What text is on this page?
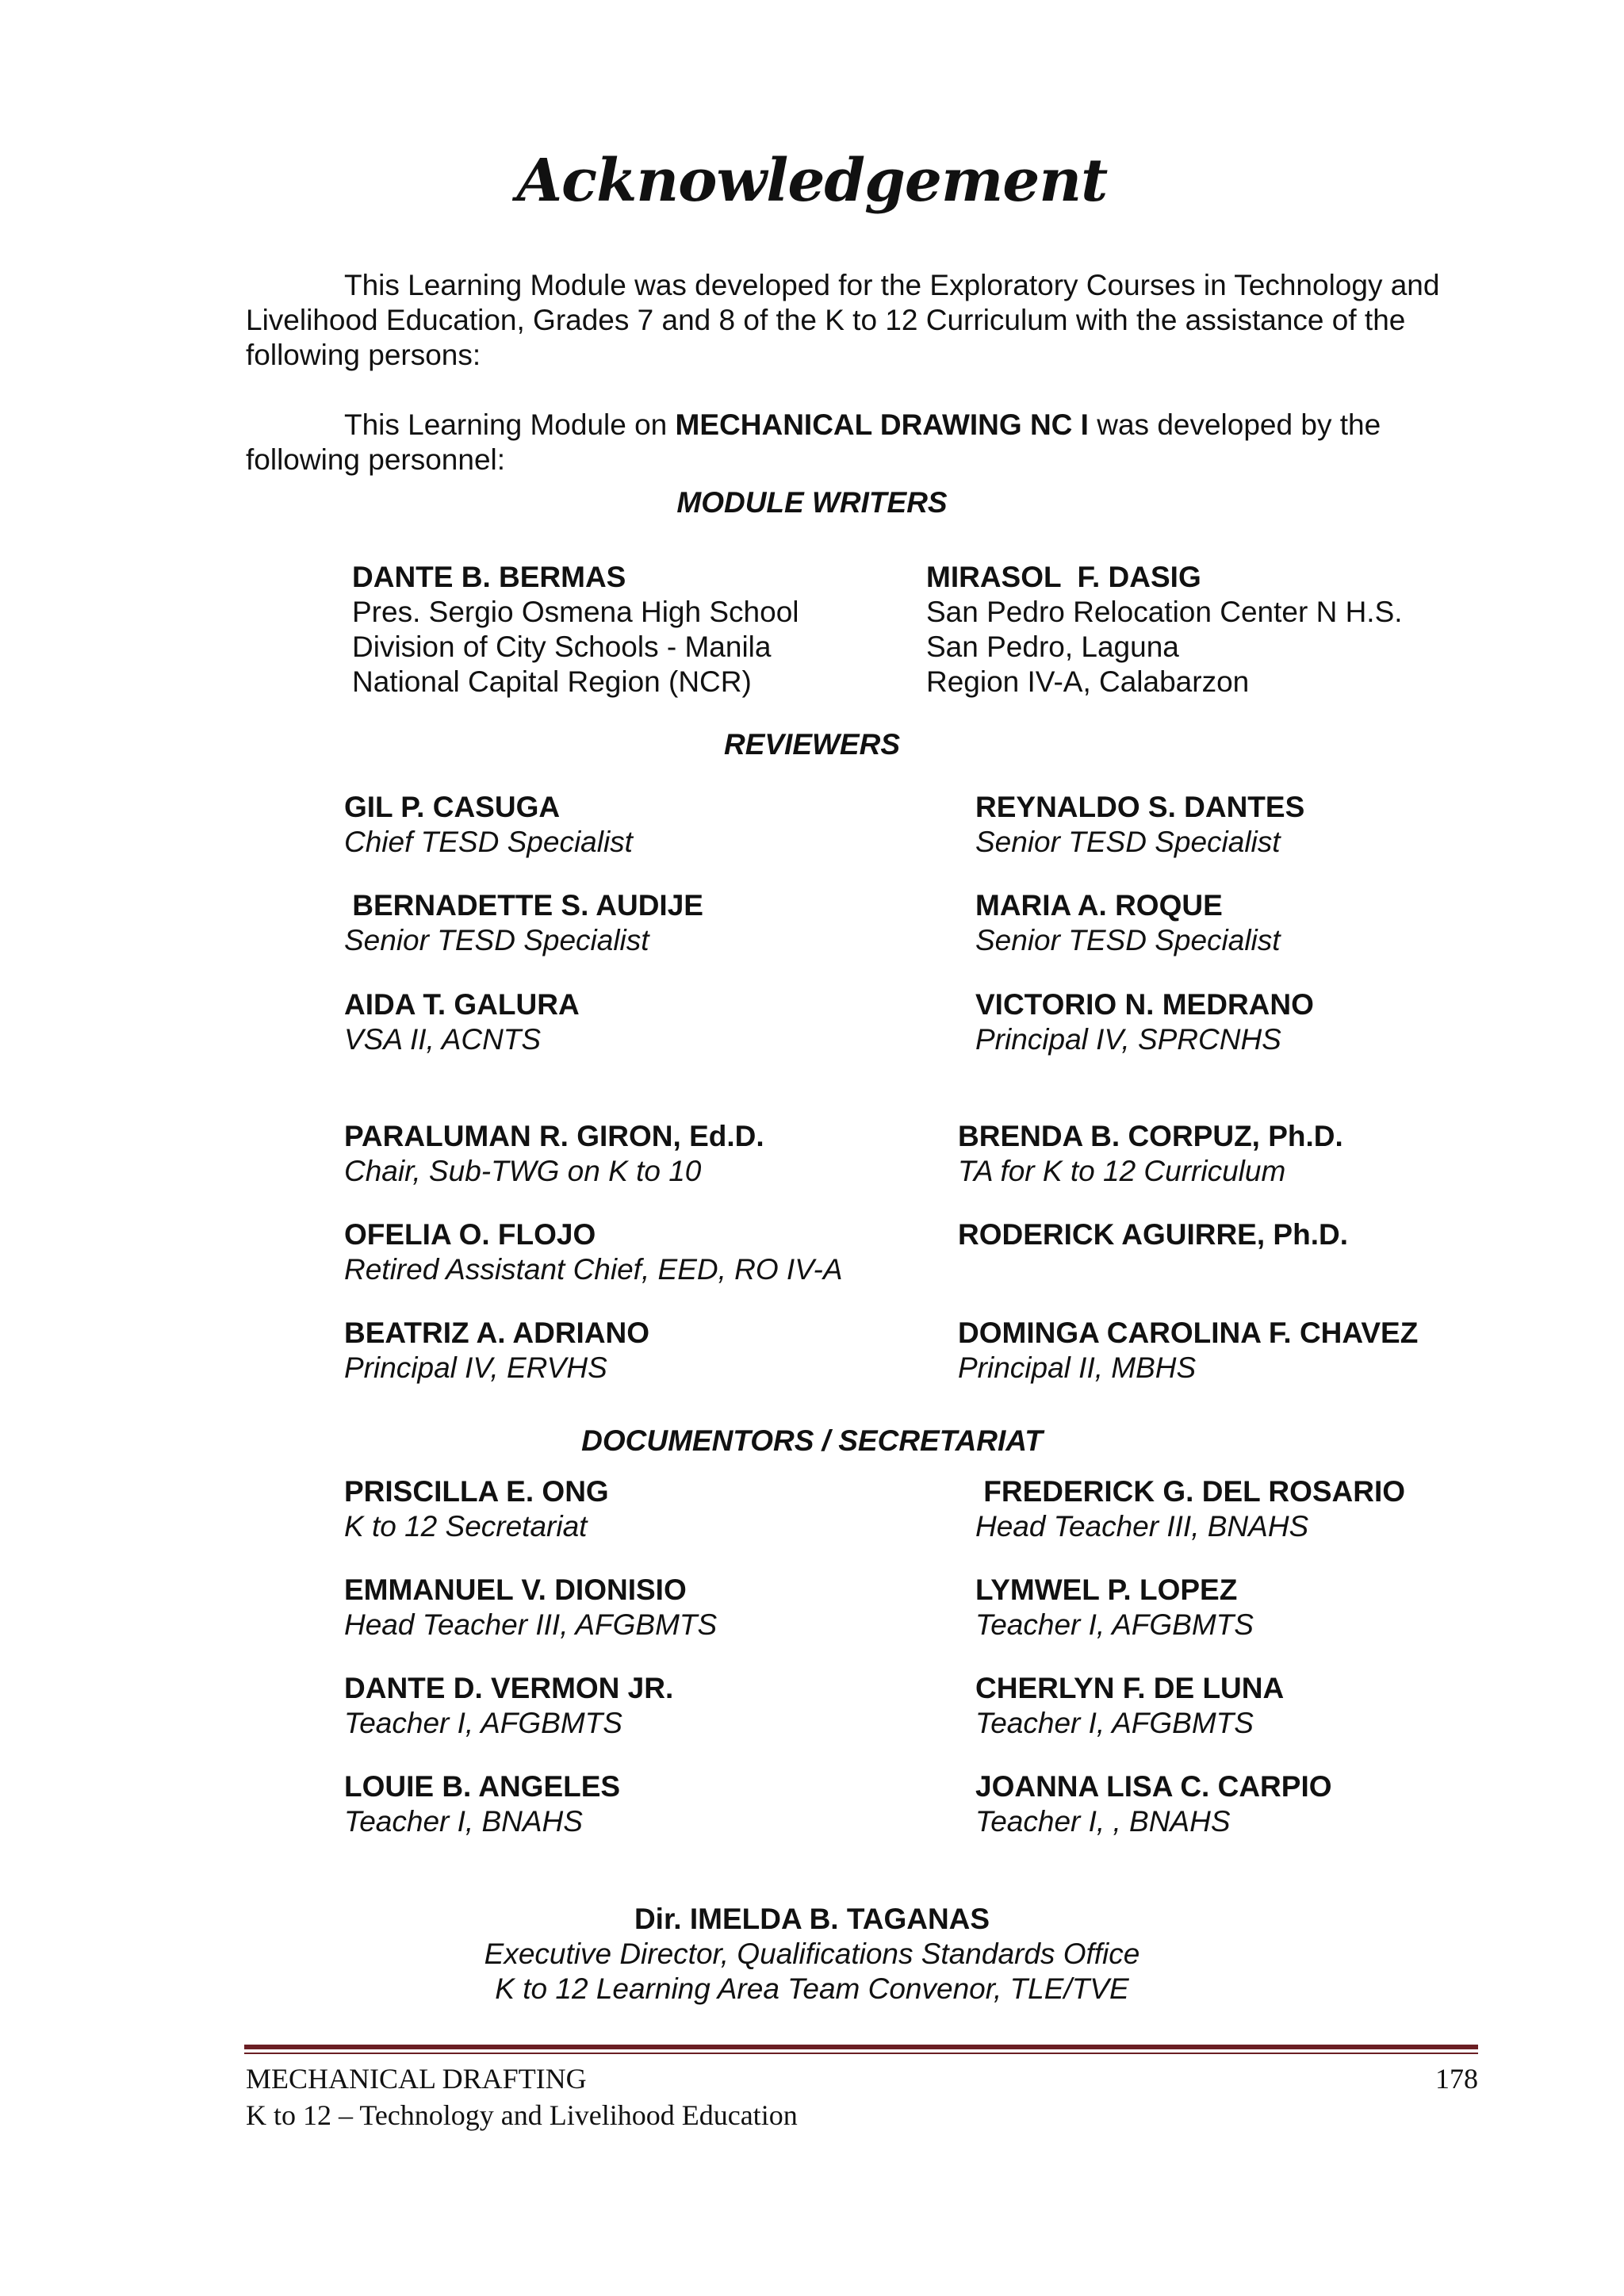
Acknowledgement
This Learning Module was developed for the Exploratory Courses in Technology and Livelihood Education, Grades 7 and 8 of the K to 12 Curriculum with the assistance of the following persons:
This Learning Module on MECHANICAL DRAWING NC I was developed by the following personnel:
MODULE WRITERS
DANTE B. BERMAS
Pres. Sergio Osmena High School
Division of City Schools - Manila
National Capital Region (NCR)
MIRASOL  F. DASIG
San Pedro Relocation Center N H.S.
San Pedro, Laguna
Region IV-A, Calabarzon
REVIEWERS
GIL P. CASUGA
Chief TESD Specialist
REYNALDO S. DANTES
Senior TESD Specialist
BERNADETTE S. AUDIJE
Senior TESD Specialist
MARIA A. ROQUE
Senior TESD Specialist
AIDA T. GALURA
VSA II, ACNTS
VICTORIO N. MEDRANO
Principal IV, SPRCNHS
PARALUMAN R. GIRON, Ed.D.
Chair, Sub-TWG on K to 10
BRENDA B. CORPUZ, Ph.D.
TA for K to 12 Curriculum
OFELIA O. FLOJO
Retired Assistant Chief, EED, RO IV-A
RODERICK AGUIRRE, Ph.D.
BEATRIZ A. ADRIANO
Principal IV, ERVHS
DOMINGA CAROLINA F. CHAVEZ
Principal II, MBHS
DOCUMENTORS / SECRETARIAT
PRISCILLA E. ONG
K to 12 Secretariat
FREDERICK G. DEL ROSARIO
Head Teacher III, BNAHS
EMMANUEL V. DIONISIO
Head Teacher III, AFGBMTS
LYMWEL P. LOPEZ
Teacher I, AFGBMTS
DANTE D. VERMON JR.
Teacher I, AFGBMTS
CHERLYN F. DE LUNA
Teacher I, AFGBMTS
LOUIE B. ANGELES
Teacher I, BNAHS
JOANNA LISA C. CARPIO
Teacher I, , BNAHS
Dir. IMELDA B. TAGANAS
Executive Director, Qualifications Standards Office
K to 12 Learning Area Team Convenor, TLE/TVE
MECHANICAL DRAFTING
K to 12 – Technology and Livelihood Education
178
